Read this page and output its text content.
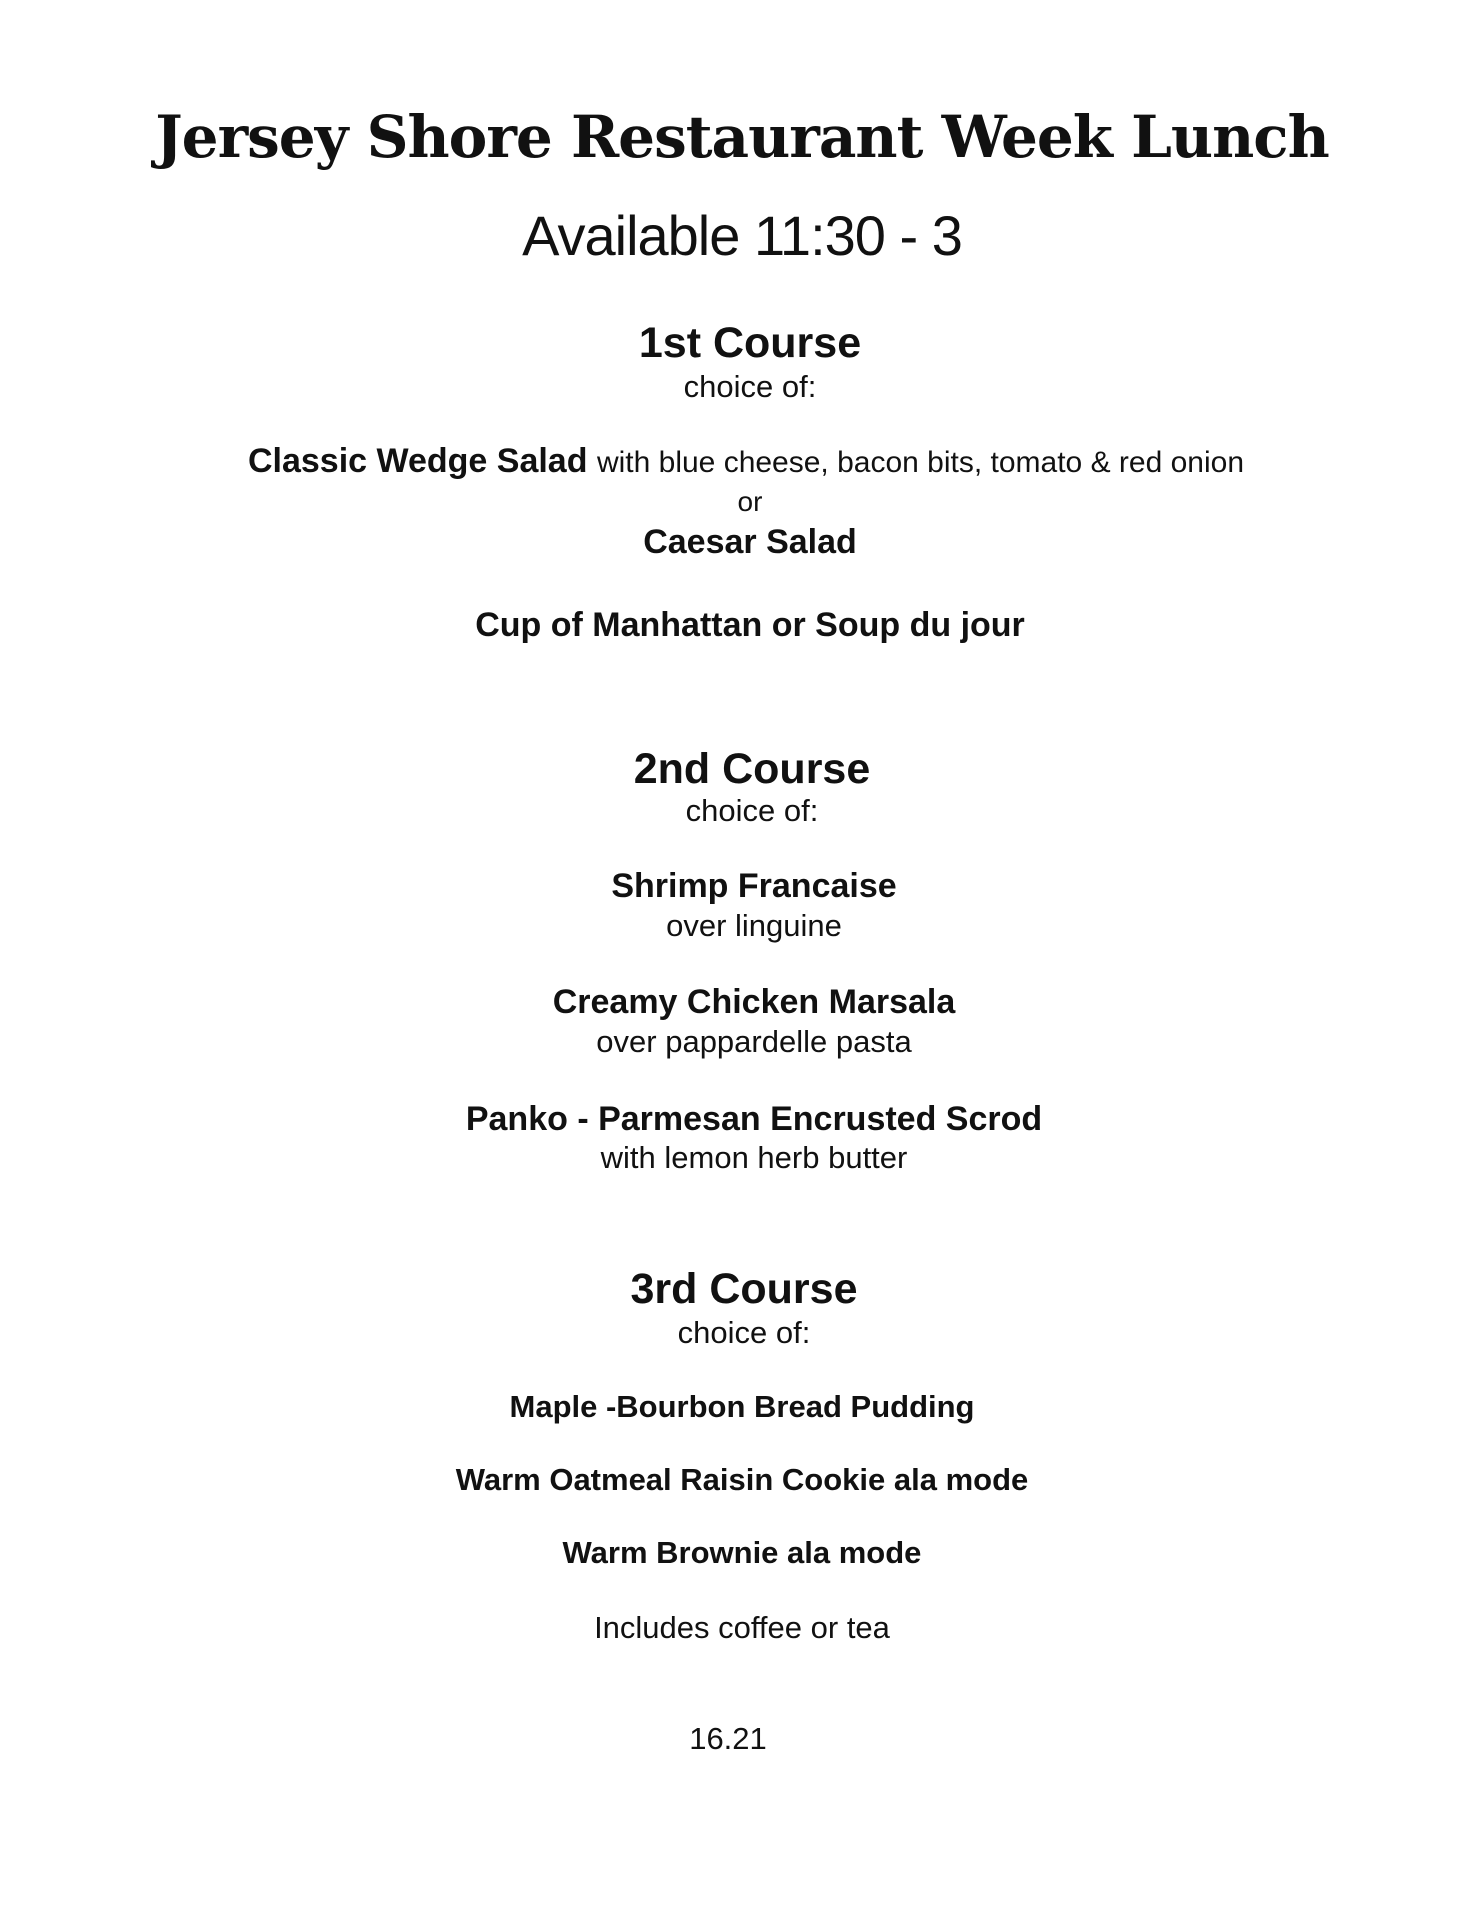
Jersey Shore Restaurant Week Lunch
Available 11:30 - 3
1st Course
choice of:
Classic Wedge Salad with blue cheese, bacon bits, tomato & red onion
or
Caesar Salad
Cup of Manhattan or Soup du jour
2nd Course
choice of:
Shrimp Francaise
over linguine
Creamy Chicken Marsala
over pappardelle pasta
Panko - Parmesan Encrusted Scrod
with lemon herb butter
3rd Course
choice of:
Maple -Bourbon Bread Pudding
Warm Oatmeal Raisin Cookie ala mode
Warm Brownie ala mode
Includes coffee or tea
16.21
